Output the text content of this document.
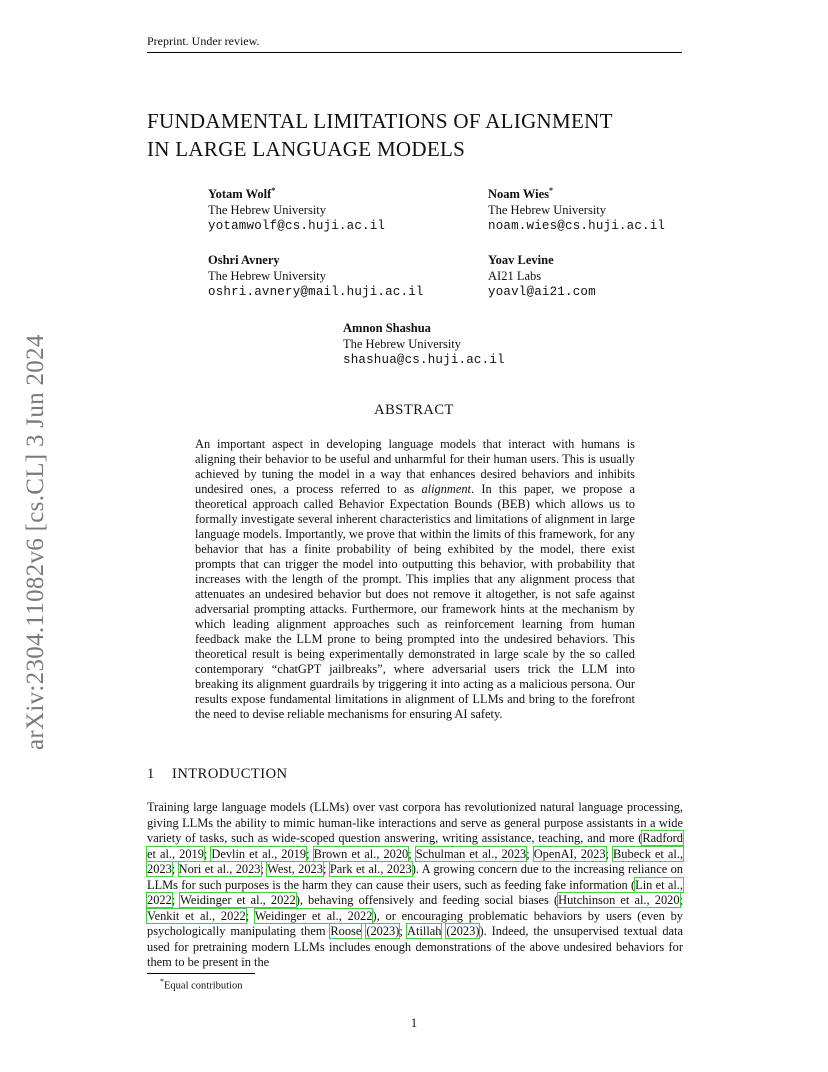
Preprint. Under review.
arXiv:2304.11082v6 [cs.CL] 3 Jun 2024
FUNDAMENTAL LIMITATIONS OF ALIGNMENT
IN LARGE LANGUAGE MODELS
Yotam Wolf*
The Hebrew University
yotamwolf@cs.huji.ac.il
Noam Wies*
The Hebrew University
noam.wies@cs.huji.ac.il
Oshri Avnery
The Hebrew University
oshri.avnery@mail.huji.ac.il
Yoav Levine
AI21 Labs
yoavl@ai21.com
Amnon Shashua
The Hebrew University
shashua@cs.huji.ac.il
ABSTRACT
An important aspect in developing language models that interact with humans is aligning their behavior to be useful and unharmful for their human users. This is usually achieved by tuning the model in a way that enhances desired behaviors and inhibits undesired ones, a process referred to as alignment. In this paper, we propose a theoretical approach called Behavior Expectation Bounds (BEB) which allows us to formally investigate several inherent characteristics and limitations of alignment in large language models. Importantly, we prove that within the limits of this framework, for any behavior that has a finite probability of being exhibited by the model, there exist prompts that can trigger the model into outputting this behavior, with probability that increases with the length of the prompt. This implies that any alignment process that attenuates an undesired behavior but does not remove it altogether, is not safe against adversarial prompting attacks. Furthermore, our framework hints at the mechanism by which leading alignment approaches such as reinforcement learning from human feedback make the LLM prone to being prompted into the undesired behaviors. This theoretical result is being experimentally demonstrated in large scale by the so called contemporary “chatGPT jailbreaks”, where adversarial users trick the LLM into breaking its alignment guardrails by triggering it into acting as a malicious persona. Our results expose fundamental limitations in alignment of LLMs and bring to the forefront the need to devise reliable mechanisms for ensuring AI safety.
1 INTRODUCTION
Training large language models (LLMs) over vast corpora has revolutionized natural language processing, giving LLMs the ability to mimic human-like interactions and serve as general purpose assistants in a wide variety of tasks, such as wide-scoped question answering, writing assistance, teaching, and more (Radford et al., 2019; Devlin et al., 2019; Brown et al., 2020; Schulman et al., 2023; OpenAI, 2023; Bubeck et al., 2023; Nori et al., 2023; West, 2023; Park et al., 2023). A growing concern due to the increasing reliance on LLMs for such purposes is the harm they can cause their users, such as feeding fake information (Lin et al., 2022; Weidinger et al., 2022), behaving offensively and feeding social biases (Hutchinson et al., 2020; Venkit et al., 2022; Weidinger et al., 2022), or encouraging problematic behaviors by users (even by psychologically manipulating them Roose (2023); Atillah (2023)). Indeed, the unsupervised textual data used for pretraining modern LLMs includes enough demonstrations of the above undesired behaviors for them to be present in the
*Equal contribution
1
